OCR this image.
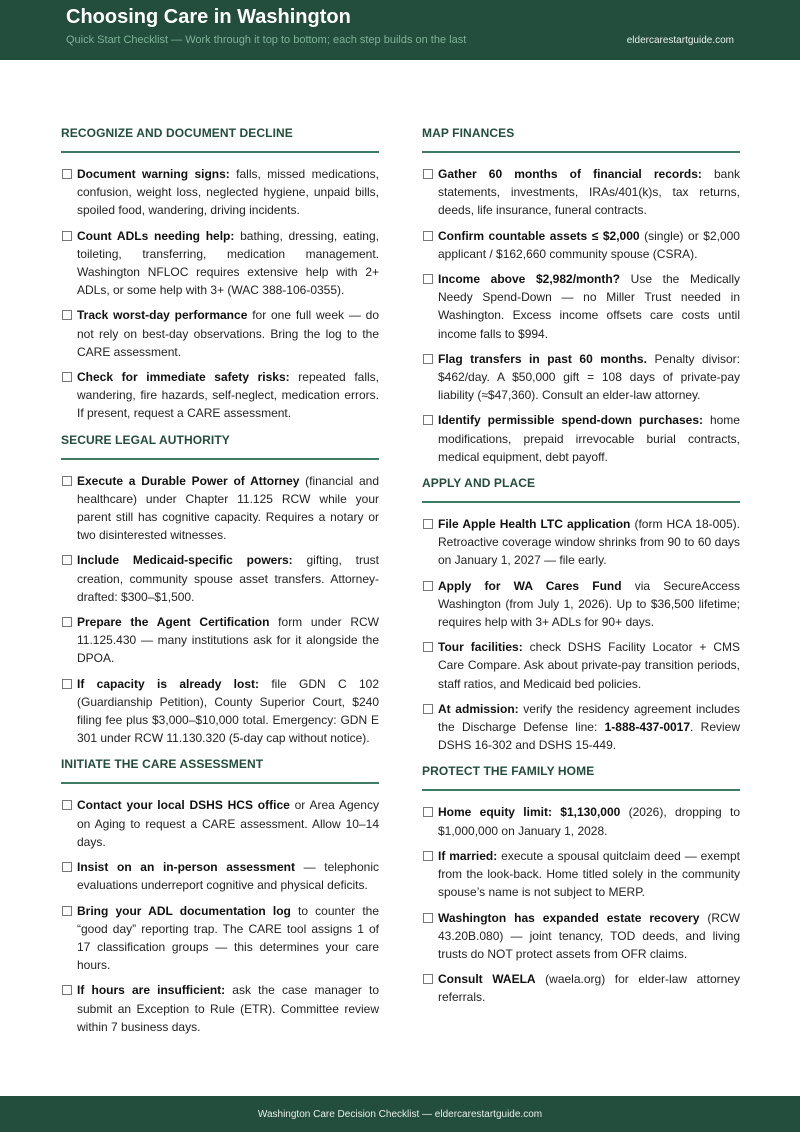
Choosing Care in Washington
Quick Start Checklist — Work through it top to bottom; each step builds on the last	eldercarestartguide.com
RECOGNIZE AND DOCUMENT DECLINE
Document warning signs: falls, missed medications, confusion, weight loss, neglected hygiene, unpaid bills, spoiled food, wandering, driving incidents.
Count ADLs needing help: bathing, dressing, eating, toileting, transferring, medication management. Washington NFLOC requires extensive help with 2+ ADLs, or some help with 3+ (WAC 388-106-0355).
Track worst-day performance for one full week — do not rely on best-day observations. Bring the log to the CARE assessment.
Check for immediate safety risks: repeated falls, wandering, fire hazards, self-neglect, medication errors. If present, request a CARE assessment.
SECURE LEGAL AUTHORITY
Execute a Durable Power of Attorney (financial and healthcare) under Chapter 11.125 RCW while your parent still has cognitive capacity. Requires a notary or two disinterested witnesses.
Include Medicaid-specific powers: gifting, trust creation, community spouse asset transfers. Attorney-drafted: $300–$1,500.
Prepare the Agent Certification form under RCW 11.125.430 — many institutions ask for it alongside the DPOA.
If capacity is already lost: file GDN C 102 (Guardianship Petition), County Superior Court, $240 filing fee plus $3,000–$10,000 total. Emergency: GDN E 301 under RCW 11.130.320 (5-day cap without notice).
INITIATE THE CARE ASSESSMENT
Contact your local DSHS HCS office or Area Agency on Aging to request a CARE assessment. Allow 10–14 days.
Insist on an in-person assessment — telephonic evaluations underreport cognitive and physical deficits.
Bring your ADL documentation log to counter the “good day” reporting trap. The CARE tool assigns 1 of 17 classification groups — this determines your care hours.
If hours are insufficient: ask the case manager to submit an Exception to Rule (ETR). Committee review within 7 business days.
MAP FINANCES
Gather 60 months of financial records: bank statements, investments, IRAs/401(k)s, tax returns, deeds, life insurance, funeral contracts.
Confirm countable assets ≤ $2,000 (single) or $2,000 applicant / $162,660 community spouse (CSRA).
Income above $2,982/month? Use the Medically Needy Spend-Down — no Miller Trust needed in Washington. Excess income offsets care costs until income falls to $994.
Flag transfers in past 60 months. Penalty divisor: $462/day. A $50,000 gift = 108 days of private-pay liability (≈$47,360). Consult an elder-law attorney.
Identify permissible spend-down purchases: home modifications, prepaid irrevocable burial contracts, medical equipment, debt payoff.
APPLY AND PLACE
File Apple Health LTC application (form HCA 18-005). Retroactive coverage window shrinks from 90 to 60 days on January 1, 2027 — file early.
Apply for WA Cares Fund via SecureAccess Washington (from July 1, 2026). Up to $36,500 lifetime; requires help with 3+ ADLs for 90+ days.
Tour facilities: check DSHS Facility Locator + CMS Care Compare. Ask about private-pay transition periods, staff ratios, and Medicaid bed policies.
At admission: verify the residency agreement includes the Discharge Defense line: 1-888-437-0017. Review DSHS 16-302 and DSHS 15-449.
PROTECT THE FAMILY HOME
Home equity limit: $1,130,000 (2026), dropping to $1,000,000 on January 1, 2028.
If married: execute a spousal quitclaim deed — exempt from the look-back. Home titled solely in the community spouse’s name is not subject to MERP.
Washington has expanded estate recovery (RCW 43.20B.080) — joint tenancy, TOD deeds, and living trusts do NOT protect assets from OFR claims.
Consult WAELA (waela.org) for elder-law attorney referrals.
Washington Care Decision Checklist — eldercarestartguide.com
